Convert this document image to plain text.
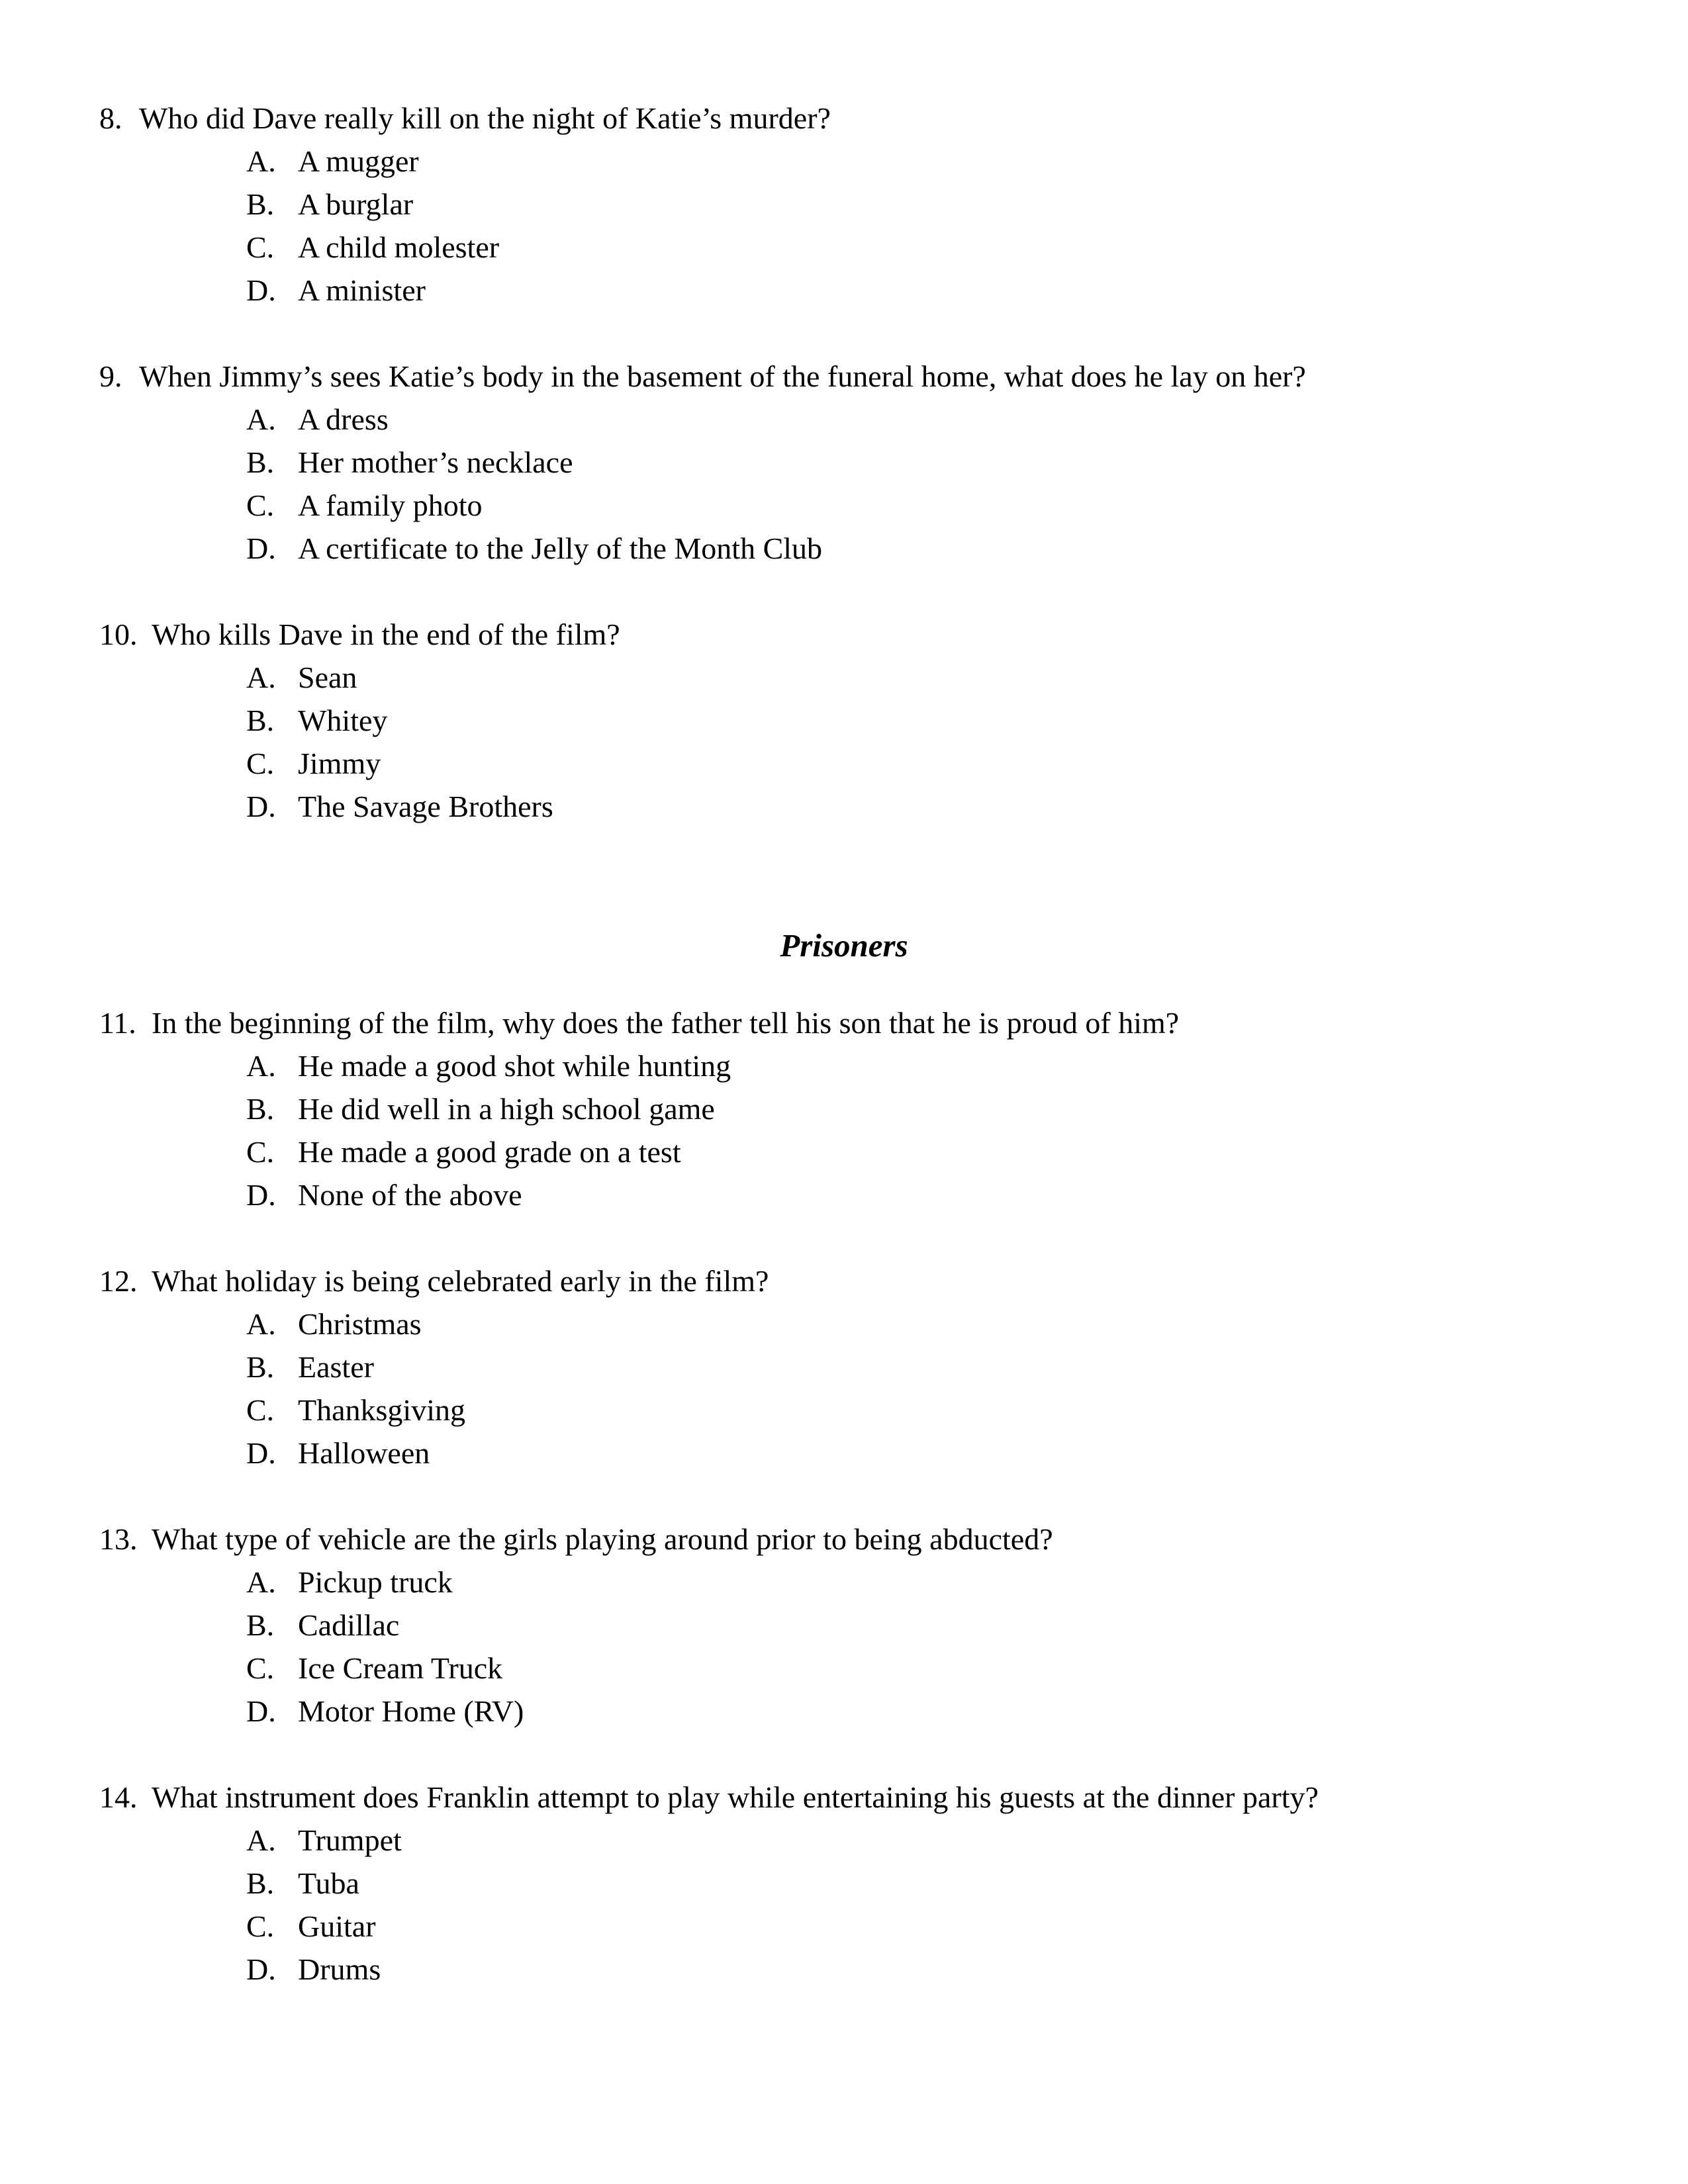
8. Who did Dave really kill on the night of Katie’s murder?
A. A mugger
B. A burglar
C. A child molester
D. A minister
9. When Jimmy’s sees Katie’s body in the basement of the funeral home, what does he lay on her?
A. A dress
B. Her mother’s necklace
C. A family photo
D. A certificate to the Jelly of the Month Club
10. Who kills Dave in the end of the film?
A. Sean
B. Whitey
C. Jimmy
D. The Savage Brothers
Prisoners
11. In the beginning of the film, why does the father tell his son that he is proud of him?
A. He made a good shot while hunting
B. He did well in a high school game
C. He made a good grade on a test
D. None of the above
12. What holiday is being celebrated early in the film?
A. Christmas
B. Easter
C. Thanksgiving
D. Halloween
13. What type of vehicle are the girls playing around prior to being abducted?
A. Pickup truck
B. Cadillac
C. Ice Cream Truck
D. Motor Home (RV)
14. What instrument does Franklin attempt to play while entertaining his guests at the dinner party?
A. Trumpet
B. Tuba
C. Guitar
D. Drums
